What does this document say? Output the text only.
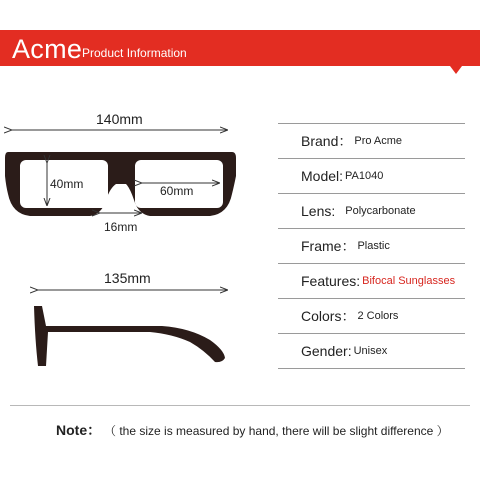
Acme Product Information
140mm
40mm	60mm
16mm
135mm
Brand： Pro Acme
Model: PA1040
Lens: Polycarbonate
Frame： Plastic
Features: Bifocal Sunglasses
Colors： 2 Colors
Gender: Unisex
Note： （ the size is measured by hand, there will be slight difference ）
